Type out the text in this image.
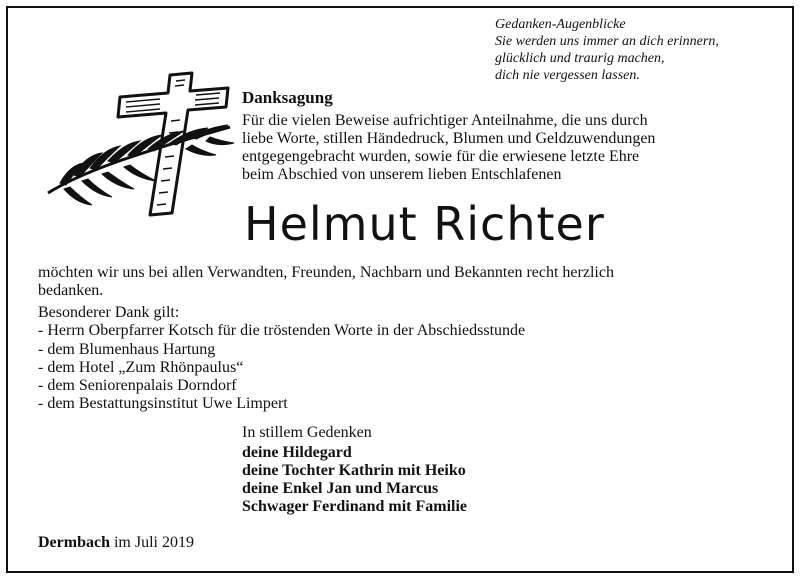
Gedanken-Augenblicke
Sie werden uns immer an dich erinnern,
glücklich und traurig machen,
dich nie vergessen lassen.
Danksagung
Für die vielen Beweise aufrichtiger Anteilnahme, die uns durch
liebe Worte, stillen Händedruck, Blumen und Geldzuwendungen
entgegengebracht wurden, sowie für die erwiesene letzte Ehre
beim Abschied von unserem lieben Entschlafenen
Helmut Richter
möchten wir uns bei allen Verwandten, Freunden, Nachbarn und Bekannten recht herzlich
bedanken.
Besonderer Dank gilt:
- Herrn Oberpfarrer Kotsch für die tröstenden Worte in der Abschiedsstunde
- dem Blumenhaus Hartung
- dem Hotel „Zum Rhönpaulus“
- dem Seniorenpalais Dorndorf
- dem Bestattungsinstitut Uwe Limpert
In stillem Gedenken
deine Hildegard
deine Tochter Kathrin mit Heiko
deine Enkel Jan und Marcus
Schwager Ferdinand mit Familie
Dermbach im Juli 2019
